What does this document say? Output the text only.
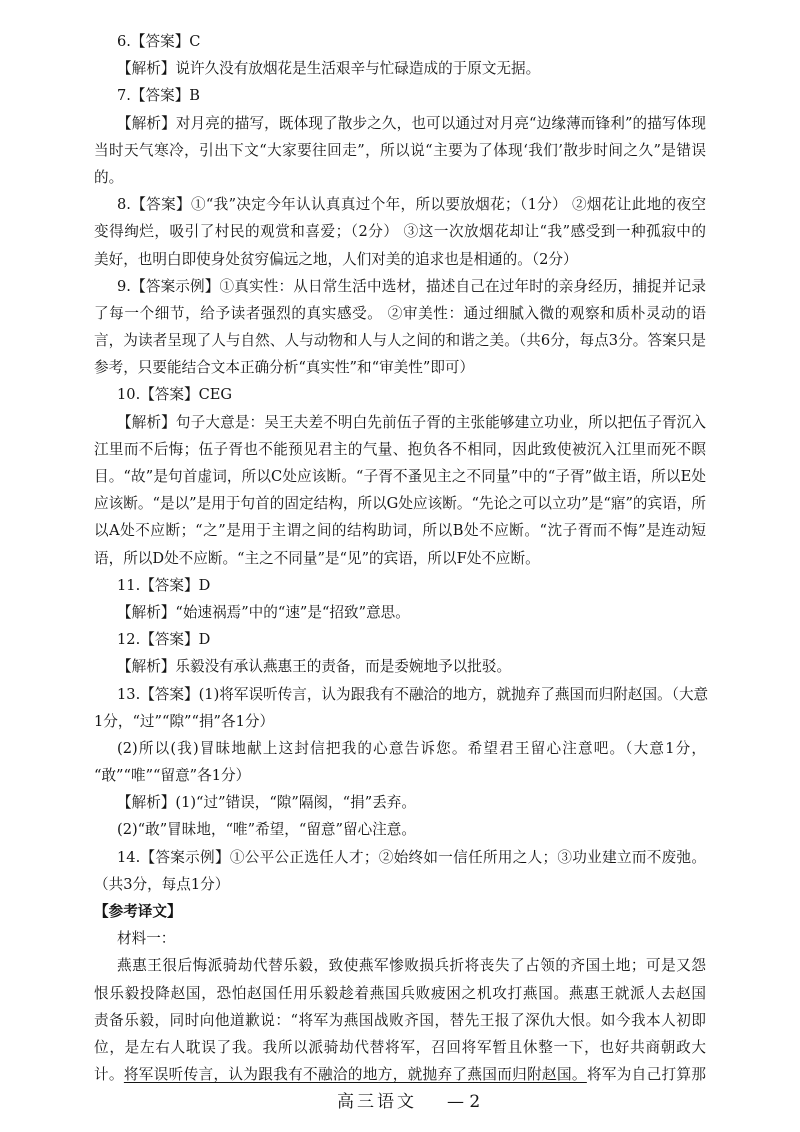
6.【答案】C
【解析】说许久没有放烟花是生活艰辛与忙碌造成的于原文无据。
7.【答案】B
【解析】对月亮的描写，既体现了散步之久，也可以通过对月亮“边缘薄而锋利”的描写体现
当时天气寒冷，引出下文“大家要往回走”，所以说“主要为了体现‘我们’散步时间之久”是错误
的。
8.【答案】①“我”决定今年认认真真过个年，所以要放烟花；（1分） ②烟花让此地的夜空
变得绚烂，吸引了村民的观赏和喜爱；（2分） ③这一次放烟花却让“我”感受到一种孤寂中的
美好，也明白即使身处贫穷偏远之地，人们对美的追求也是相通的。（2分）
9.【答案示例】①真实性：从日常生活中选材，描述自己在过年时的亲身经历，捕捉并记录
了每一个细节，给予读者强烈的真实感受。 ②审美性：通过细腻入微的观察和质朴灵动的语
言，为读者呈现了人与自然、人与动物和人与人之间的和谐之美。（共6分，每点3分。答案只是
参考，只要能结合文本正确分析“真实性”和“审美性”即可）
10.【答案】CEG
【解析】句子大意是：吴王夫差不明白先前伍子胥的主张能够建立功业，所以把伍子胥沉入
江里而不后悔；伍子胥也不能预见君主的气量、抱负各不相同，因此致使被沉入江里而死不瞑
目。“故”是句首虚词，所以C处应该断。“子胥不蚤见主之不同量”中的“子胥”做主语，所以E处
应该断。“是以”是用于句首的固定结构，所以G处应该断。“先论之可以立功”是“寤”的宾语，所
以A处不应断；“之”是用于主谓之间的结构助词，所以B处不应断。“沈子胥而不悔”是连动短
语，所以D处不应断。“主之不同量”是“见”的宾语，所以F处不应断。
11.【答案】D
【解析】“始速祸焉”中的“速”是“招致”意思。
12.【答案】D
【解析】乐毅没有承认燕惠王的责备，而是委婉地予以批驳。
13.【答案】(1)将军误听传言，认为跟我有不融洽的地方，就抛弃了燕国而归附赵国。（大意
1分，“过”“隙”“捐”各1分）
(2)所以(我)冒昧地献上这封信把我的心意告诉您。希望君王留心注意吧。（大意1分，
“敢”“唯”“留意”各1分）
【解析】(1)“过”错误，“隙”隔阂，“捐”丢弃。
(2)“敢”冒昧地，“唯”希望，“留意”留心注意。
14.【答案示例】①公平公正选任人才；②始终如一信任所用之人；③功业建立而不废弛。
（共3分，每点1分）
【参考译文】
材料一：
燕惠王很后悔派骑劫代替乐毅，致使燕军惨败损兵折将丧失了占领的齐国土地；可是又怨
恨乐毅投降赵国，恐怕赵国任用乐毅趁着燕国兵败疲困之机攻打燕国。燕惠王就派人去赵国
责备乐毅，同时向他道歉说：“将军为燕国战败齐国，替先王报了深仇大恨。如今我本人初即
位，是左右人耽误了我。我所以派骑劫代替将军，召回将军暂且休整一下，也好共商朝政大
计。将军误听传言，认为跟我有不融洽的地方，就抛弃了燕国而归附赵国。将军为自己打算那
高三语文 — 2
